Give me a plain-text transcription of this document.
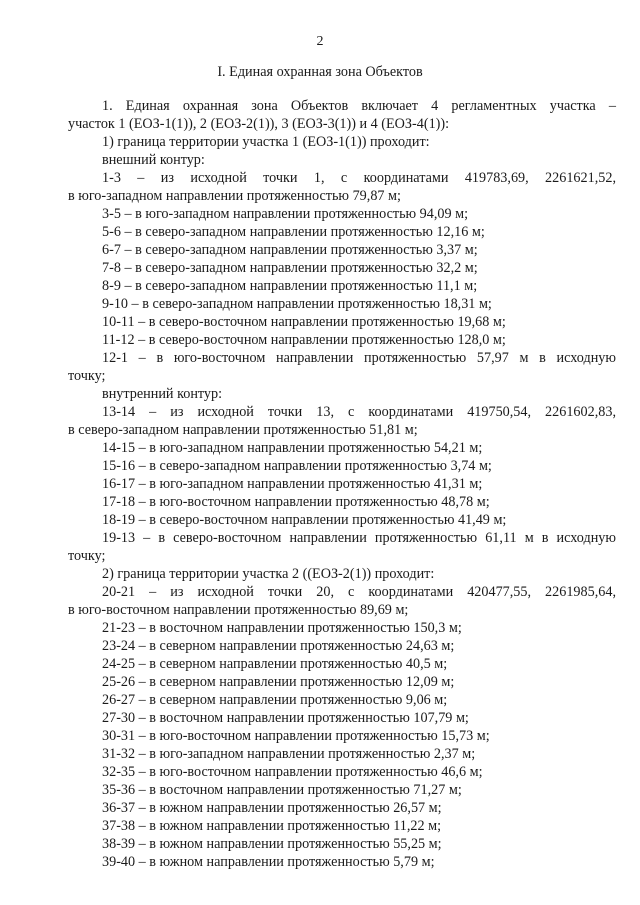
2
I. Единая охранная зона Объектов
1. Единая охранная зона Объектов включает 4 регламентных участка –
участок 1 (ЕОЗ-1(1)), 2 (ЕОЗ-2(1)), 3 (ЕОЗ-3(1)) и 4 (ЕОЗ-4(1)):
1) граница территории участка 1 (ЕОЗ-1(1)) проходит:
внешний контур:
1-3 – из исходной точки 1, с координатами 419783,69, 2261621,52,
в юго-западном направлении протяженностью 79,87 м;
3-5 – в юго-западном направлении протяженностью 94,09 м;
5-6 – в северо-западном направлении протяженностью 12,16 м;
6-7 – в северо-западном направлении протяженностью 3,37 м;
7-8 – в северо-западном направлении протяженностью 32,2 м;
8-9 – в северо-западном направлении протяженностью 11,1 м;
9-10 – в северо-западном направлении протяженностью 18,31 м;
10-11 – в северо-восточном направлении протяженностью 19,68 м;
11-12 – в северо-восточном направлении протяженностью 128,0 м;
12-1 – в юго-восточном направлении протяженностью 57,97 м в исходную
точку;
внутренний контур:
13-14 – из исходной точки 13, с координатами 419750,54, 2261602,83,
в северо-западном направлении протяженностью 51,81 м;
14-15 – в юго-западном направлении протяженностью 54,21 м;
15-16 – в северо-западном направлении протяженностью 3,74 м;
16-17 – в юго-западном направлении протяженностью 41,31 м;
17-18 – в юго-восточном направлении протяженностью 48,78 м;
18-19 – в северо-восточном направлении протяженностью 41,49 м;
19-13 – в северо-восточном направлении протяженностью 61,11 м в исходную
точку;
2) граница территории участка 2 ((ЕОЗ-2(1)) проходит:
20-21 – из исходной точки 20, с координатами 420477,55, 2261985,64,
в юго-восточном направлении протяженностью 89,69 м;
21-23 – в восточном направлении протяженностью 150,3 м;
23-24 – в северном направлении протяженностью 24,63 м;
24-25 – в северном направлении протяженностью 40,5 м;
25-26 – в северном направлении протяженностью 12,09 м;
26-27 – в северном направлении протяженностью 9,06 м;
27-30 – в восточном направлении протяженностью 107,79 м;
30-31 – в юго-восточном направлении протяженностью 15,73 м;
31-32 – в юго-западном направлении протяженностью 2,37 м;
32-35 – в юго-восточном направлении протяженностью 46,6 м;
35-36 – в восточном направлении протяженностью 71,27 м;
36-37 – в южном направлении протяженностью 26,57 м;
37-38 – в южном направлении протяженностью 11,22 м;
38-39 – в южном направлении протяженностью 55,25 м;
39-40 – в южном направлении протяженностью 5,79 м;
